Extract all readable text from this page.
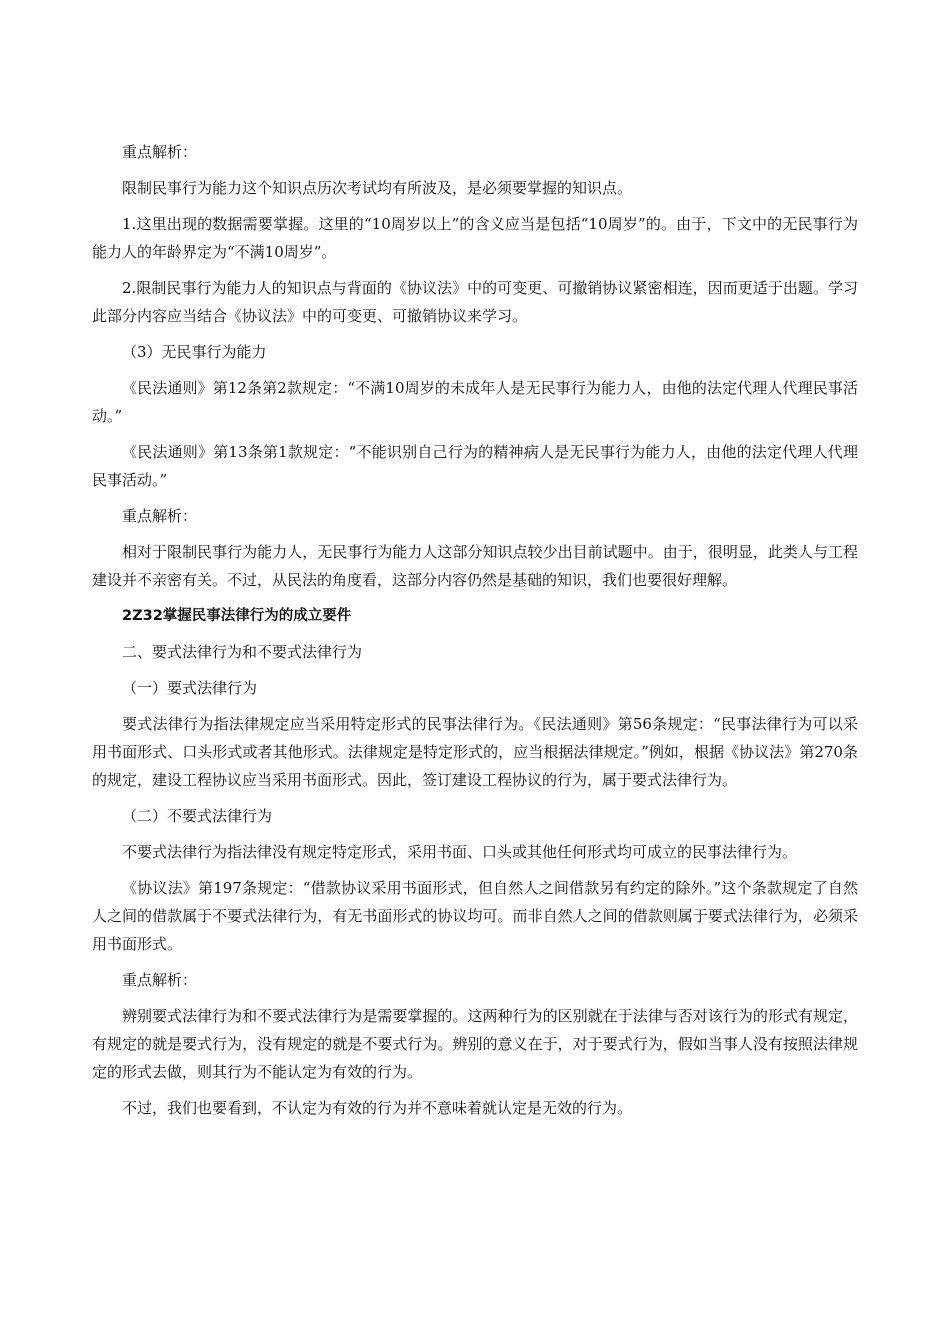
重点解析：

限制民事行为能力这个知识点历次考试均有所波及，是必须要掌握的知识点。

1.这里出现的数据需要掌握。这里的“10周岁以上”的含义应当是包括“10周岁”的。由于，下文中的无民事行为能力人的年龄界定为“不满10周岁”。

2.限制民事行为能力人的知识点与背面的《协议法》中的可变更、可撤销协议紧密相连，因而更适于出题。学习此部分内容应当结合《协议法》中的可变更、可撤销协议来学习。

（3）无民事行为能力

《民法通则》第12条第2款规定：“不满10周岁的未成年人是无民事行为能力人，由他的法定代理人代理民事活动。”

《民法通则》第13条第1款规定：“不能识别自己行为的精神病人是无民事行为能力人，由他的法定代理人代理民事活动。”

重点解析：

相对于限制民事行为能力人，无民事行为能力人这部分知识点较少出目前试题中。由于，很明显，此类人与工程建设并不亲密有关。不过，从民法的角度看，这部分内容仍然是基础的知识，我们也要很好理解。

2Z32掌握民事法律行为的成立要件

二、要式法律行为和不要式法律行为

（一）要式法律行为

要式法律行为指法律规定应当采用特定形式的民事法律行为。《民法通则》第56条规定：“民事法律行为可以采用书面形式、口头形式或者其他形式。法律规定是特定形式的，应当根据法律规定。”例如，根据《协议法》第270条的规定，建设工程协议应当采用书面形式。因此，签订建设工程协议的行为，属于要式法律行为。

（二）不要式法律行为

不要式法律行为指法律没有规定特定形式，采用书面、口头或其他任何形式均可成立的民事法律行为。

《协议法》第197条规定：“借款协议采用书面形式，但自然人之间借款另有约定的除外。”这个条款规定了自然人之间的借款属于不要式法律行为，有无书面形式的协议均可。而非自然人之间的借款则属于要式法律行为，必须采用书面形式。

重点解析：

辨别要式法律行为和不要式法律行为是需要掌握的。这两种行为的区别就在于法律与否对该行为的形式有规定，有规定的就是要式行为，没有规定的就是不要式行为。辨别的意义在于，对于要式行为，假如当事人没有按照法律规定的形式去做，则其行为不能认定为有效的行为。

不过，我们也要看到，不认定为有效的行为并不意味着就认定是无效的行为。
